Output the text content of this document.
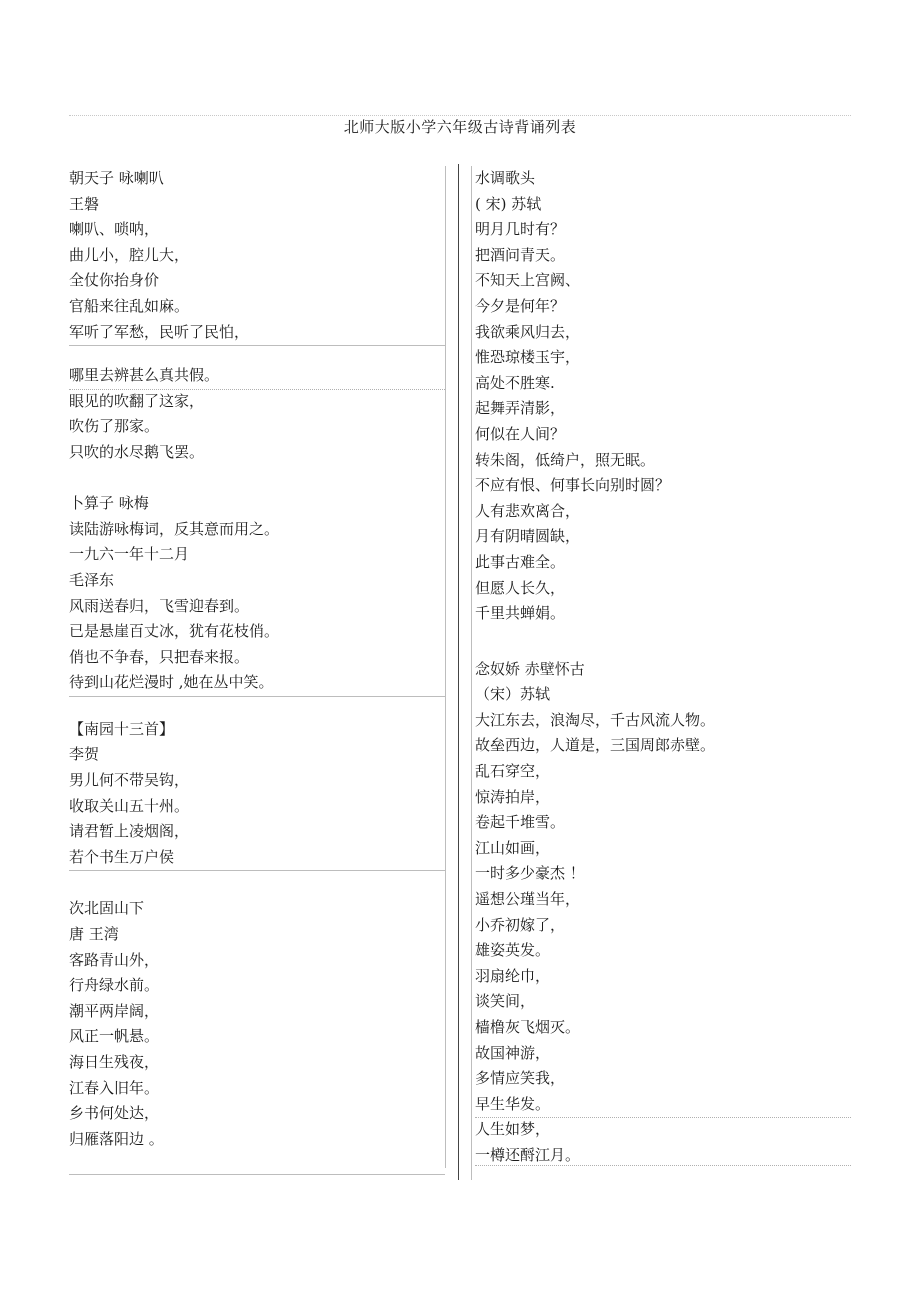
北师大版小学六年级古诗背诵列表
朝天子 咏喇叭
王磐
喇叭、唢呐，
曲儿小，腔儿大，
全仗你抬身价
官船来往乱如麻。
军听了军愁，民听了民怕，
哪里去辨甚么真共假。
眼见的吹翻了这家，
吹伤了那家。
只吹的水尽鹅飞罢。
卜算子 咏梅
读陆游咏梅词，反其意而用之。
一九六一年十二月
毛泽东
风雨送春归，飞雪迎春到。
已是悬崖百丈冰，犹有花枝俏。
俏也不争春，只把春来报。
待到山花烂漫时 ,她在丛中笑。
【南园十三首】
李贺
男儿何不带吴钩，
收取关山五十州。
请君暂上凌烟阁，
若个书生万户侯
次北固山下
唐 王湾
客路青山外，
行舟绿水前。
潮平两岸阔，
风正一帆悬。
海日生残夜，
江春入旧年。
乡书何处达，
归雁落阳边 。
水调歌头
( 宋) 苏轼
明月几时有？
把酒问青天。
不知天上宫阙、
今夕是何年？
我欲乘风归去，
惟恐琼楼玉宇，
高处不胜寒.
起舞弄清影，
何似在人间？
转朱阁，低绮户，照无眠。
不应有恨、何事长向别时圆？
人有悲欢离合，
月有阴晴圆缺，
此事古难全。
但愿人长久，
千里共蝉娟。
念奴娇 赤壁怀古
（宋）苏轼
大江东去，浪淘尽，千古风流人物。
故垒西边，人道是，三国周郎赤壁。
乱石穿空，
惊涛拍岸，
卷起千堆雪。
江山如画，
一时多少豪杰 ！
遥想公瑾当年，
小乔初嫁了，
雄姿英发。
羽扇纶巾，
谈笑间，
樯橹灰飞烟灭。
故国神游，
多情应笑我，
早生华发。
人生如梦，
一樽还酹江月。
